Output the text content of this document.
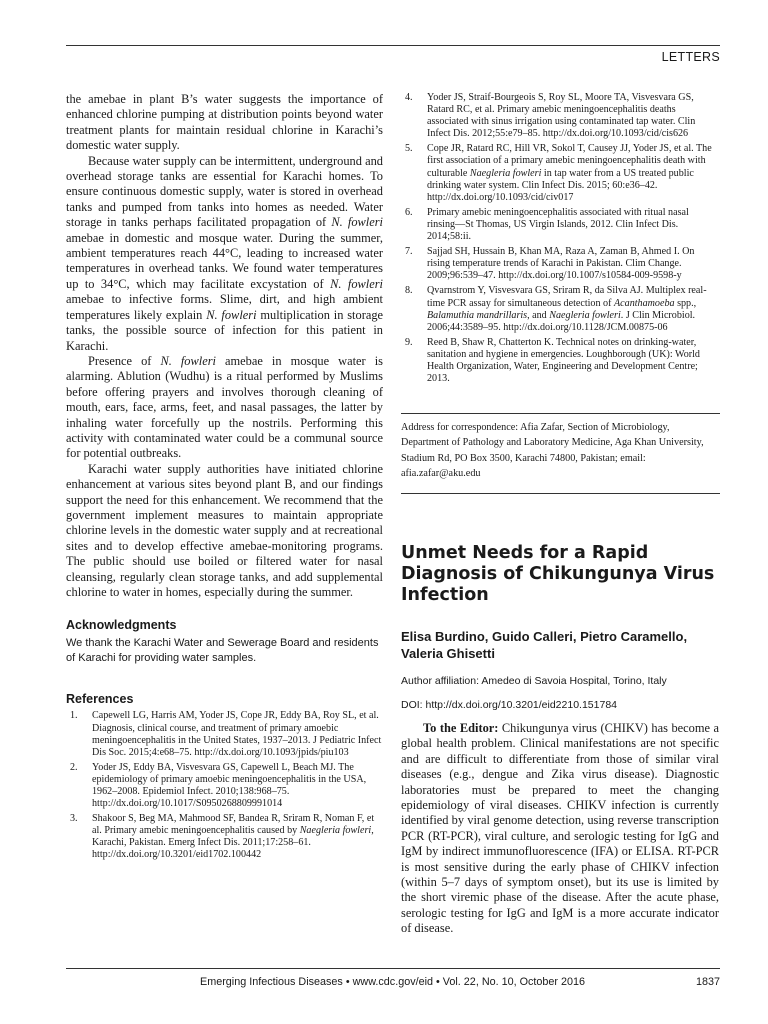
LETTERS

the amebae in plant B’s water suggests the importance of enhanced chlorine pumping at distribution points beyond water treatment plants for maintain residual chlorine in Karachi’s domestic water supply.

Because water supply can be intermittent, underground and overhead storage tanks are essential for Karachi homes. To ensure continuous domestic supply, water is stored in overhead tanks and pumped from tanks into homes as needed. Water storage in tanks perhaps facilitated propagation of N. fowleri amebae in domestic and mosque water. During the summer, ambient temperatures reach 44°C, leading to increased water temperatures in overhead tanks. We found water temperatures up to 34°C, which may facilitate excystation of N. fowleri amebae to infective forms. Slime, dirt, and high ambient temperatures likely explain N. fowleri multiplication in storage tanks, the possible source of infection for this patient in Karachi.

Presence of N. fowleri amebae in mosque water is alarming. Ablution (Wudhu) is a ritual performed by Muslims before offering prayers and involves thorough cleaning of mouth, ears, face, arms, feet, and nasal passages, the latter by inhaling water forcefully up the nostrils. Performing this activity with contaminated water could be a communal source for potential outbreaks.

Karachi water supply authorities have initiated chlorine enhancement at various sites beyond plant B, and our findings support the need for this enhancement. We recommend that the government implement measures to maintain appropriate chlorine levels in the domestic water supply and at recreational sites and to develop effective amebae-monitoring programs. The public should use boiled or filtered water for nasal cleansing, regularly clean storage tanks, and add supplemental chlorine to water in homes, especially during the summer.

Acknowledgments

We thank the Karachi Water and Sewerage Board and residents of Karachi for providing water samples.

References
1.	Capewell LG, Harris AM, Yoder JS, Cope JR, Eddy BA, Roy SL, et al. Diagnosis, clinical course, and treatment of primary amoebic meningoencephalitis in the United States, 1937–2013. J Pediatric Infect Dis Soc. 2015;4:e68–75. http://dx.doi.org/10.1093/jpids/piu103
2.	Yoder JS, Eddy BA, Visvesvara GS, Capewell L, Beach MJ. The epidemiology of primary amoebic meningoencephalitis in the USA, 1962–2008. Epidemiol Infect. 2010;138:968–75. http://dx.doi.org/10.1017/S0950268809991014
3.	Shakoor S, Beg MA, Mahmood SF, Bandea R, Sriram R, Noman F, et al. Primary amebic meningoencephalitis caused by Naegleria fowleri, Karachi, Pakistan. Emerg Infect Dis. 2011;17:258–61. http://dx.doi.org/10.3201/eid1702.100442
4.	Yoder JS, Straif-Bourgeois S, Roy SL, Moore TA, Visvesvara GS, Ratard RC, et al. Primary amebic meningoencephalitis deaths associated with sinus irrigation using contaminated tap water. Clin Infect Dis. 2012;55:e79–85. http://dx.doi.org/10.1093/cid/cis626
5.	Cope JR, Ratard RC, Hill VR, Sokol T, Causey JJ, Yoder JS, et al. The first association of a primary amebic meningoencephalitis death with culturable Naegleria fowleri in tap water from a US treated public drinking water system. Clin Infect Dis. 2015; 60:e36–42. http://dx.doi.org/10.1093/cid/civ017
6.	Primary amebic meningoencephalitis associated with ritual nasal rinsing—St Thomas, US Virgin Islands, 2012. Clin Infect Dis. 2014;58:ii.
7.	Sajjad SH, Hussain B, Khan MA, Raza A, Zaman B, Ahmed I. On rising temperature trends of Karachi in Pakistan. Clim Change. 2009;96:539–47. http://dx.doi.org/10.1007/s10584-009-9598-y
8.	Qvarnstrom Y, Visvesvara GS, Sriram R, da Silva AJ. Multiplex real-time PCR assay for simultaneous detection of Acanthamoeba spp., Balamuthia mandrillaris, and Naegleria fowleri. J Clin Microbiol. 2006;44:3589–95. http://dx.doi.org/10.1128/JCM.00875-06
9.	Reed B, Shaw R, Chatterton K. Technical notes on drinking-water, sanitation and hygiene in emergencies. Loughborough (UK): World Health Organization, Water, Engineering and Development Centre; 2013.

Address for correspondence: Afia Zafar, Section of Microbiology, Department of Pathology and Laboratory Medicine, Aga Khan University, Stadium Rd, PO Box 3500, Karachi 74800, Pakistan; email: afia.zafar@aku.edu

Unmet Needs for a Rapid Diagnosis of Chikungunya Virus Infection

Elisa Burdino, Guido Calleri, Pietro Caramello, Valeria Ghisetti

Author affiliation: Amedeo di Savoia Hospital, Torino, Italy

DOI: http://dx.doi.org/10.3201/eid2210.151784

To the Editor: Chikungunya virus (CHIKV) has become a global health problem. Clinical manifestations are not specific and are difficult to differentiate from those of similar viral diseases (e.g., dengue and Zika virus disease). Diagnostic laboratories must be prepared to meet the changing epidemiology of viral diseases. CHIKV infection is currently identified by viral genome detection, using reverse transcription PCR (RT-PCR), viral culture, and serologic testing for IgG and IgM by indirect immunofluorescence (IFA) or ELISA. RT-PCR is most sensitive during the early phase of CHIKV infection (within 5–7 days of symptom onset), but its use is limited by the short viremic phase of the disease. After the acute phase, serologic testing for IgG and IgM is a more accurate indicator of disease.

Emerging Infectious Diseases • www.cdc.gov/eid • Vol. 22, No. 10, October 2016	1837
